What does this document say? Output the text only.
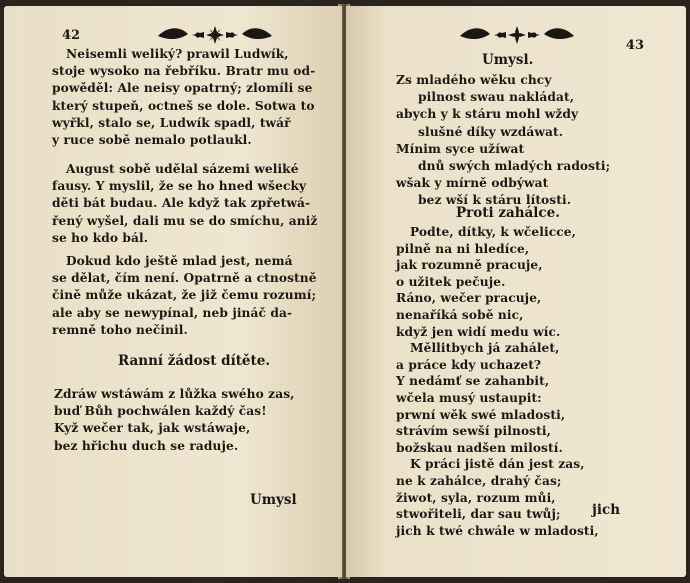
42
Neisemli weliký? prawil Ludwík,
stoje wysoko na řebříku. Bratr mu od-
powěděl: Ale neisy opatrný; zlomíli se
který stupeň, octneš se dole. Sotwa to
wyřkl, stalo se, Ludwík spadl, twář
y ruce sobě nemalo potlaukl.
August sobě udělal sázemi weliké
fausy. Y myslil, že se ho hned wšecky
děti bát budau. Ale když tak zpřetwá-
řený wyšel, dali mu se do smíchu, aniž
se ho kdo bál.
Dokud kdo ještě mlad jest, nemá
se dělat, čím není. Opatrně a ctnostně
čině může ukázat, že již čemu rozumí;
ale aby se newypínal, neb jináč da-
remně toho nečinil.
Ranní žádost dítěte.
Zdráw wstáwám z lůžka swého zas,
buď Bůh pochwálen každý čas!
Kyž wečer tak, jak wstáwaje,
bez hřichu duch se raduje.
Umysl
43
Umysl.
Zs mladého wěku chcy
pilnost swau nakládat,
abych y k stáru mohl wždy
slušné díky wzdáwat.
Mínim syce užíwat
dnů swých mladých radosti;
wšak y mírně odbýwat
bez wší k stáru lítosti.
Proti zahálce.
Podte, dítky, k wčelicce,
pilně na ni hledíce,
jak rozumně pracuje,
o užitek pečuje.
Ráno, wečer pracuje,
nenaříká sobě nic,
když jen widí medu wíc.
Měllitbych já zahálet,
a práce kdy uchazet?
Y nedámť se zahanbit,
wčela musý ustaupit:
prwní wěk swé mladosti,
strávím sewší pilnosti,
božskau nadšen milostí.
K práci jistě dán jest zas,
ne k zahálce, drahý čas;
žiwot, syla, rozum můi,
stwořiteli, dar sau twůj;
jich k twé chwále w mladosti,
jich
